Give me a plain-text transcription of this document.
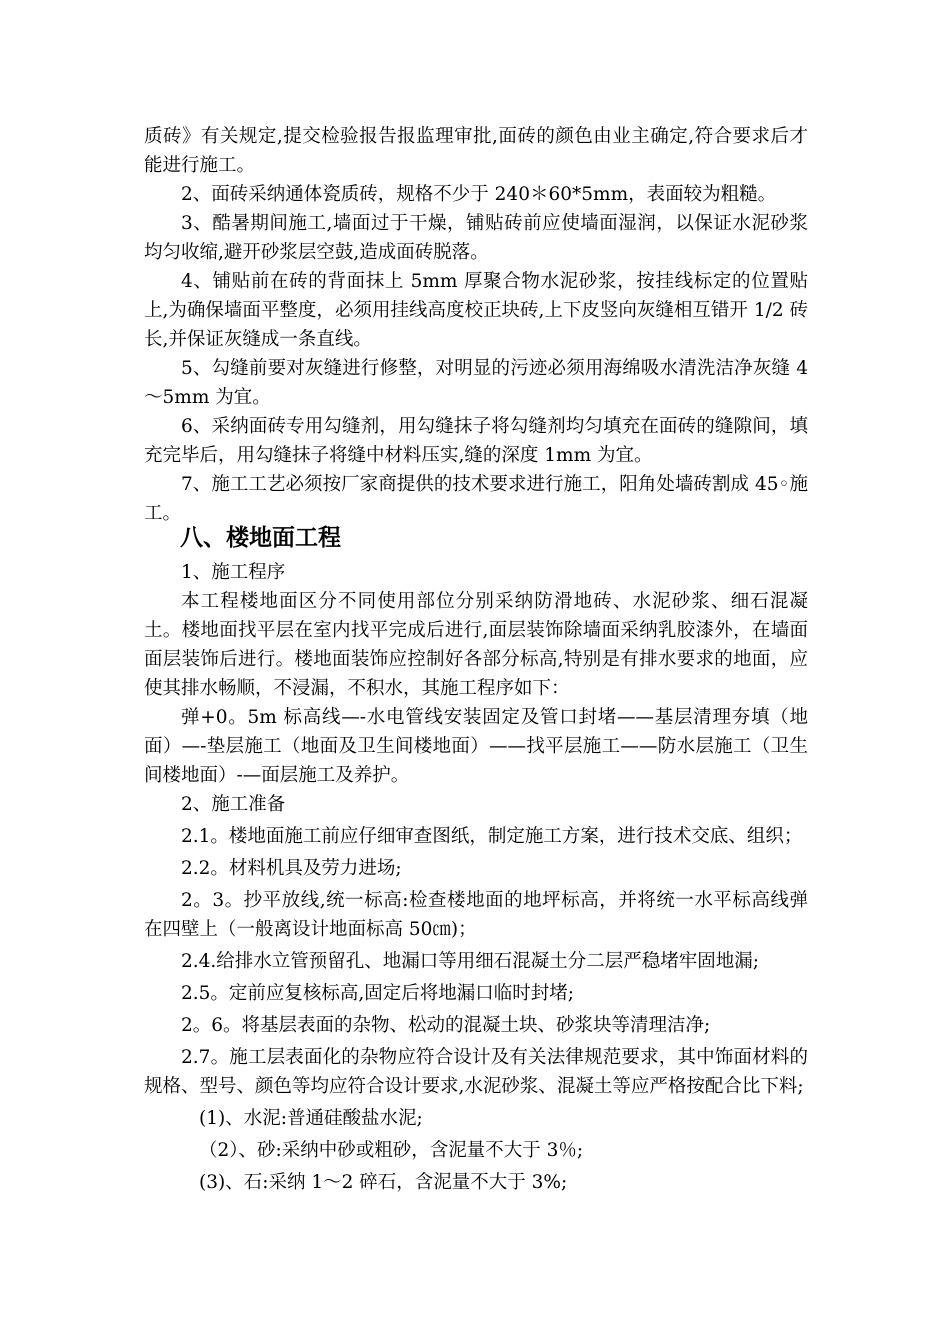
质砖》有关规定,提交检验报告报监理审批,面砖的颜色由业主确定,符合要求后才能进行施工。

2、面砖采纳通体瓷质砖，规格不少于 240＊60*5mm，表面较为粗糙。

3、酷暑期间施工,墙面过于干燥，铺贴砖前应使墙面湿润，以保证水泥砂浆均匀收缩,避开砂浆层空鼓,造成面砖脱落。

4、铺贴前在砖的背面抹上 5mm 厚聚合物水泥砂浆，按挂线标定的位置贴上,为确保墙面平整度，必须用挂线高度校正块砖,上下皮竖向灰缝相互错开 1/2 砖长,并保证灰缝成一条直线。

5、勾缝前要对灰缝进行修整，对明显的污迹必须用海绵吸水清洗洁净灰缝 4～5mm 为宜。

6、采纳面砖专用勾缝剂，用勾缝抹子将勾缝剂均匀填充在面砖的缝隙间，填充完毕后，用勾缝抹子将缝中材料压实,缝的深度 1mm 为宜。

7、施工工艺必须按厂家商提供的技术要求进行施工，阳角处墙砖割成 45◦施工。

八、楼地面工程

1、施工程序

本工程楼地面区分不同使用部位分别采纳防滑地砖、水泥砂浆、细石混凝土。楼地面找平层在室内找平完成后进行,面层装饰除墙面采纳乳胶漆外，在墙面面层装饰后进行。楼地面装饰应控制好各部分标高,特别是有排水要求的地面，应使其排水畅顺，不浸漏，不积水，其施工程序如下：

弹+0。5m 标高线—-水电管线安装固定及管口封堵——基层清理夯填（地面）—-垫层施工（地面及卫生间楼地面）——找平层施工——防水层施工（卫生间楼地面）-—面层施工及养护。

2、施工准备

2.1。楼地面施工前应仔细审查图纸，制定施工方案，进行技术交底、组织；

2.2。材料机具及劳力进场;

2。3。抄平放线,统一标高:检查楼地面的地坪标高，并将统一水平标高线弹在四壁上（一般离设计地面标高 50㎝)；

2.4.给排水立管预留孔、地漏口等用细石混凝土分二层严稳堵牢固地漏;

2.5。定前应复核标高,固定后将地漏口临时封堵;

2。6。将基层表面的杂物、松动的混凝土块、砂浆块等清理洁净;

2.7。施工层表面化的杂物应符合设计及有关法律规范要求，其中饰面材料的规格、型号、颜色等均应符合设计要求,水泥砂浆、混凝土等应严格按配合比下料;

(1)、水泥:普通硅酸盐水泥;

（2）、砂:采纳中砂或粗砂，含泥量不大于 3％;

(3)、石:采纳 1～2 碎石，含泥量不大于 3%;
